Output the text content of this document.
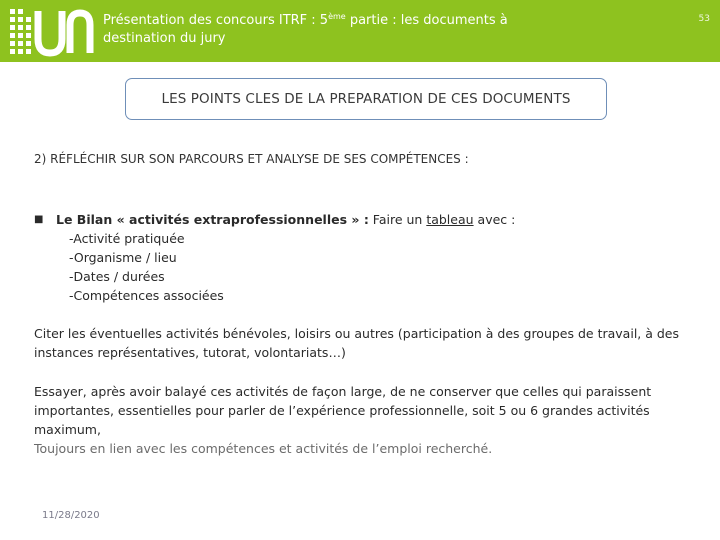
Présentation des concours ITRF : 5ème partie : les documents à destination du jury
53
LES POINTS CLES DE LA PREPARATION DE CES DOCUMENTS
2) RÉFLÉCHIR SUR SON PARCOURS ET ANALYSE DE SES COMPÉTENCES :
■	Le Bilan « activités extraprofessionnelles » : Faire un tableau avec :
-Activité pratiquée
-Organisme / lieu
-Dates / durées
-Compétences associées
Citer les éventuelles activités bénévoles, loisirs ou autres (participation à des groupes de travail, à des instances représentatives, tutorat, volontariats…)
Essayer, après avoir balayé ces activités de façon large, de ne conserver que celles qui paraissent importantes, essentielles pour parler de l’expérience professionnelle, soit 5 ou 6 grandes activités maximum,
Toujours en lien avec les compétences et activités de l’emploi recherché.
11/28/2020
